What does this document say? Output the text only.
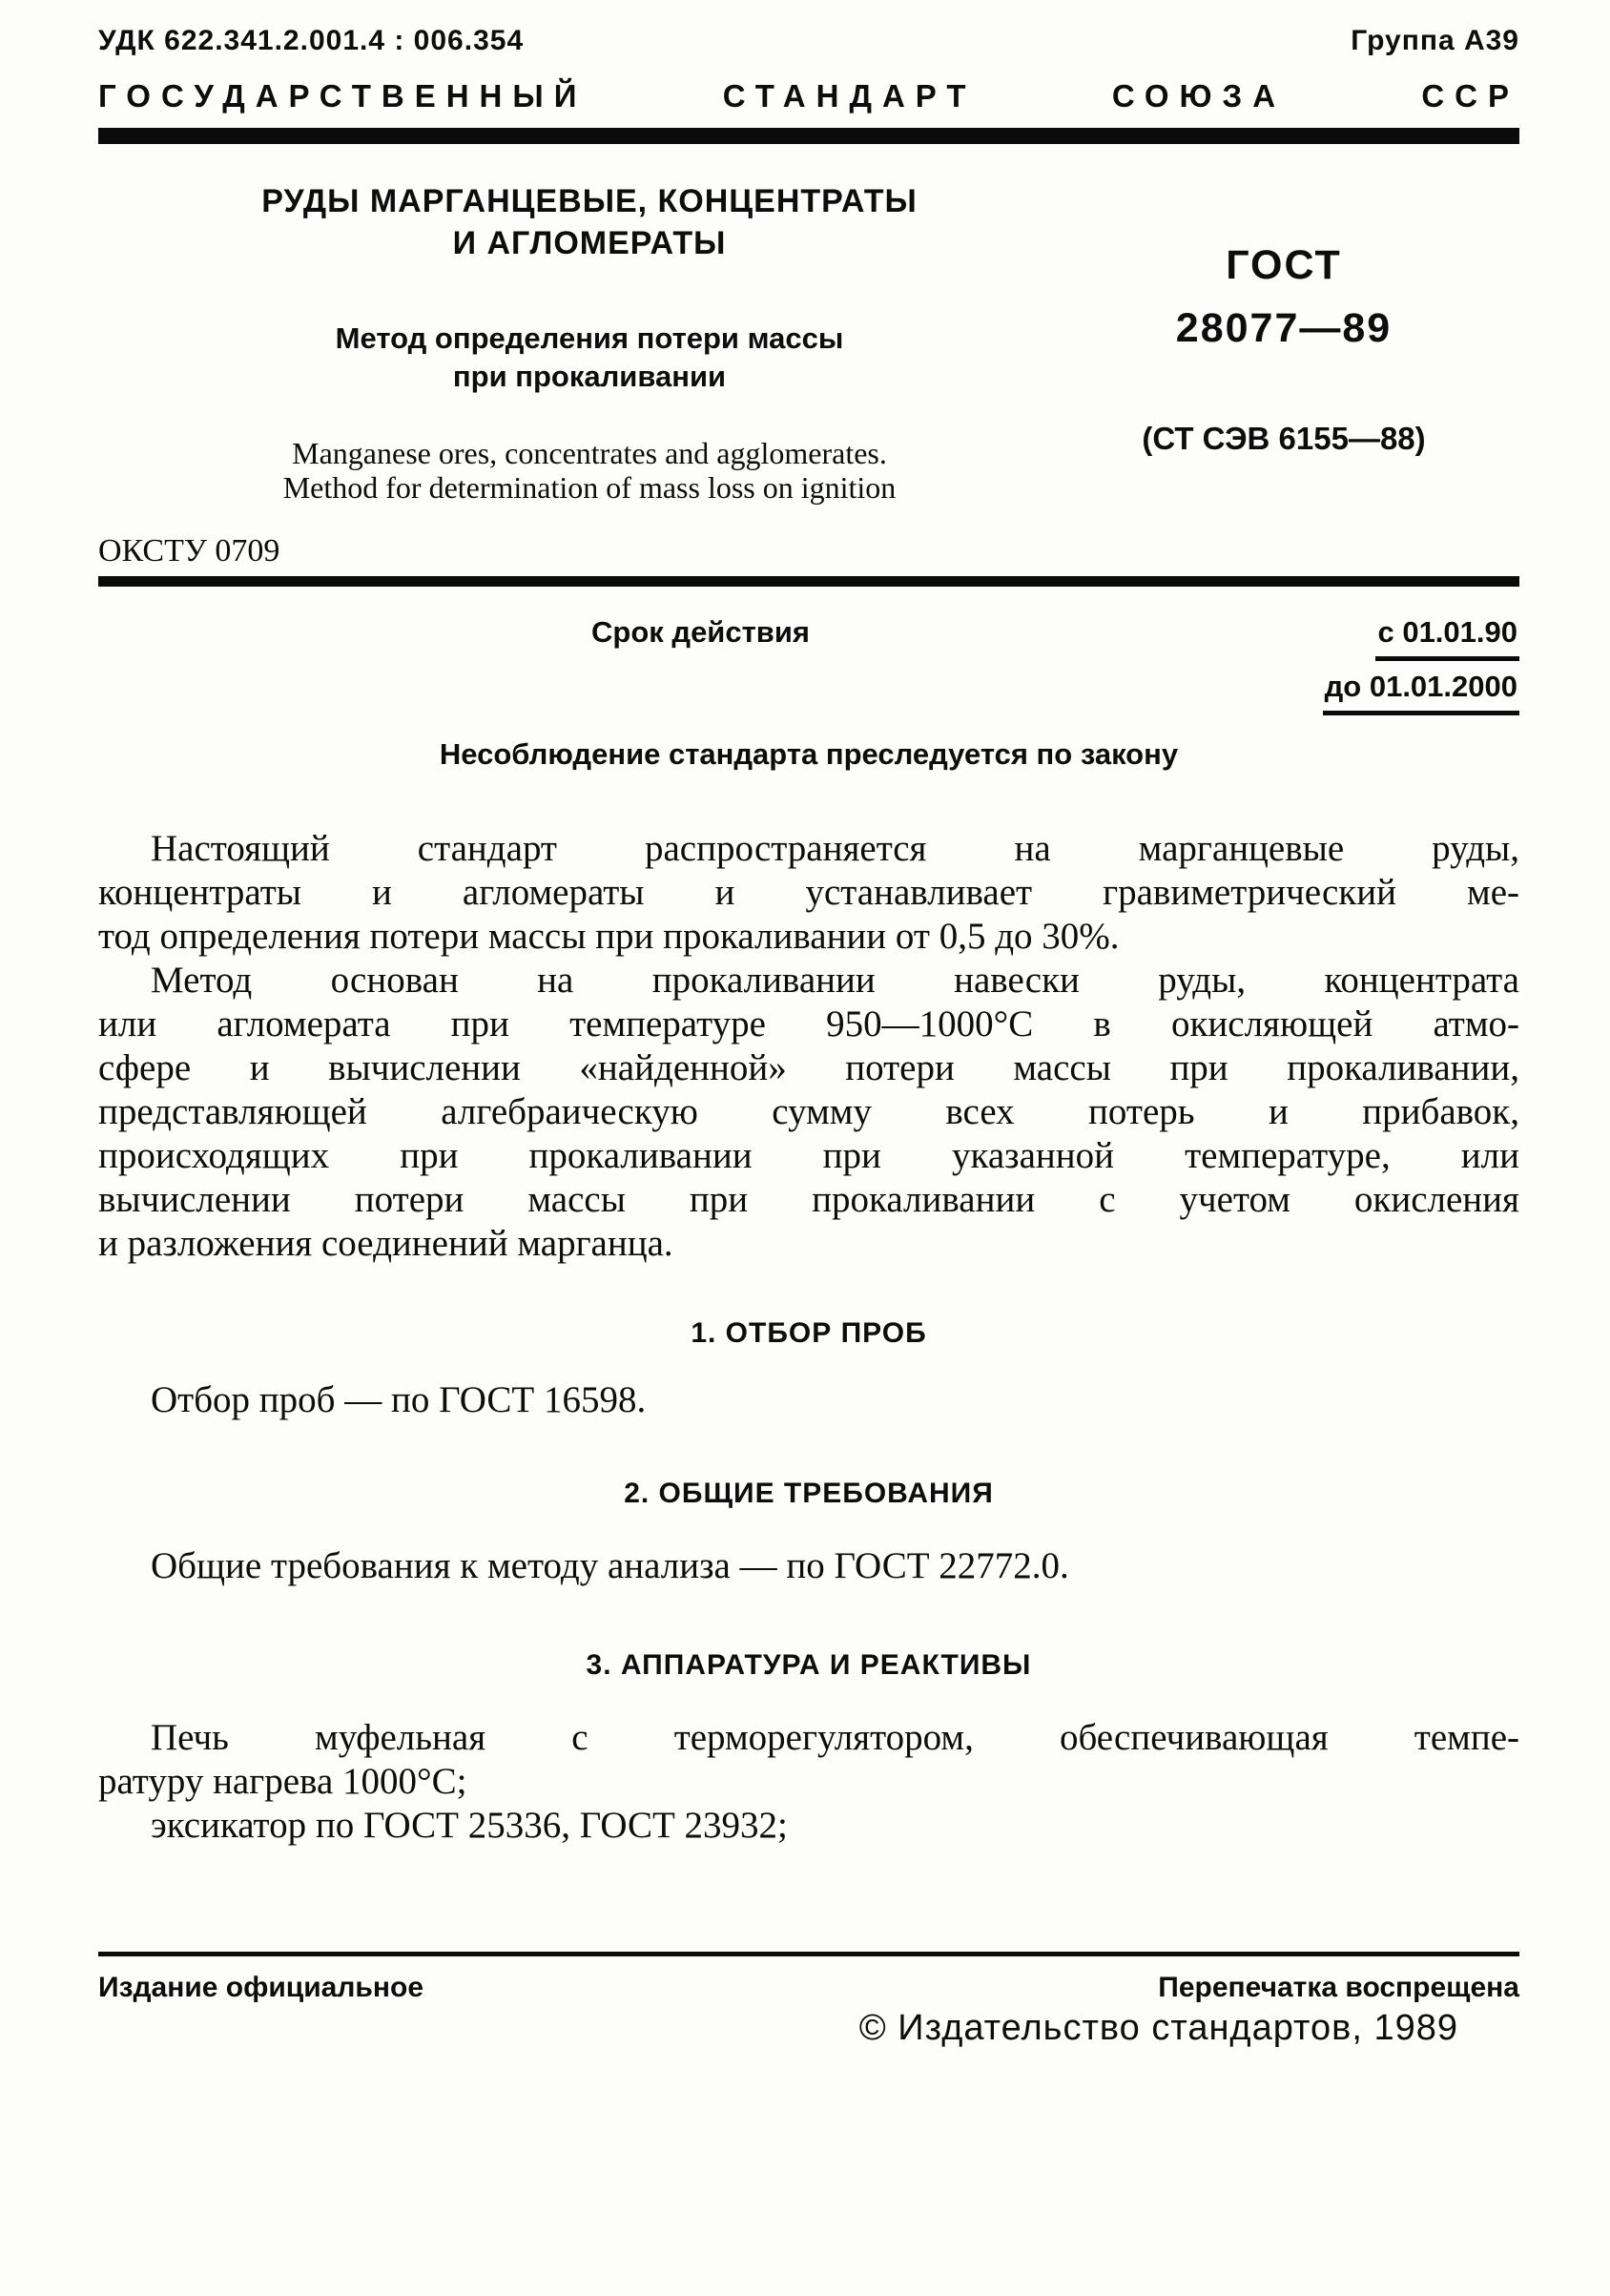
УДК 622.341.2.001.4 : 006.354	Группа А39
ГОСУДАРСТВЕННЫЙ	СТАНДАРТ	СОЮЗА	ССР
РУДЫ МАРГАНЦЕВЫЕ, КОНЦЕНТРАТЫ
И АГЛОМЕРАТЫ
Метод определения потери массы
при прокаливании
Manganese ores, concentrates and agglomerates.
Method for determination of mass loss on ignition
ГОСТ
28077—89
(СТ СЭВ 6155—88)
ОКСТУ 0709
Срок действия	с 01.01.90
до 01.01.2000
Несоблюдение стандарта преследуется по закону
Настоящий стандарт распространяется на марганцевые руды,
концентраты и агломераты и устанавливает гравиметрический ме-
тод определения потери массы при прокаливании от 0,5 до 30%.
Метод основан на прокаливании навески руды, концентрата
или агломерата при температуре 950—1000°С в окисляющей атмо-
сфере и вычислении «найденной» потери массы при прокаливании,
представляющей алгебраическую сумму всех потерь и прибавок,
происходящих при прокаливании при указанной температуре, или
вычислении потери массы при прокаливании с учетом окисления
и разложения соединений марганца.
1. ОТБОР ПРОБ
Отбор проб — по ГОСТ 16598.
2. ОБЩИЕ ТРЕБОВАНИЯ
Общие требования к методу анализа — по ГОСТ 22772.0.
3. АППАРАТУРА И РЕАКТИВЫ
Печь муфельная с терморегулятором, обеспечивающая темпе-
ратуру нагрева 1000°С;
эксикатор по ГОСТ 25336, ГОСТ 23932;
Издание официальное	Перепечатка воспрещена
© Издательство стандартов, 1989
